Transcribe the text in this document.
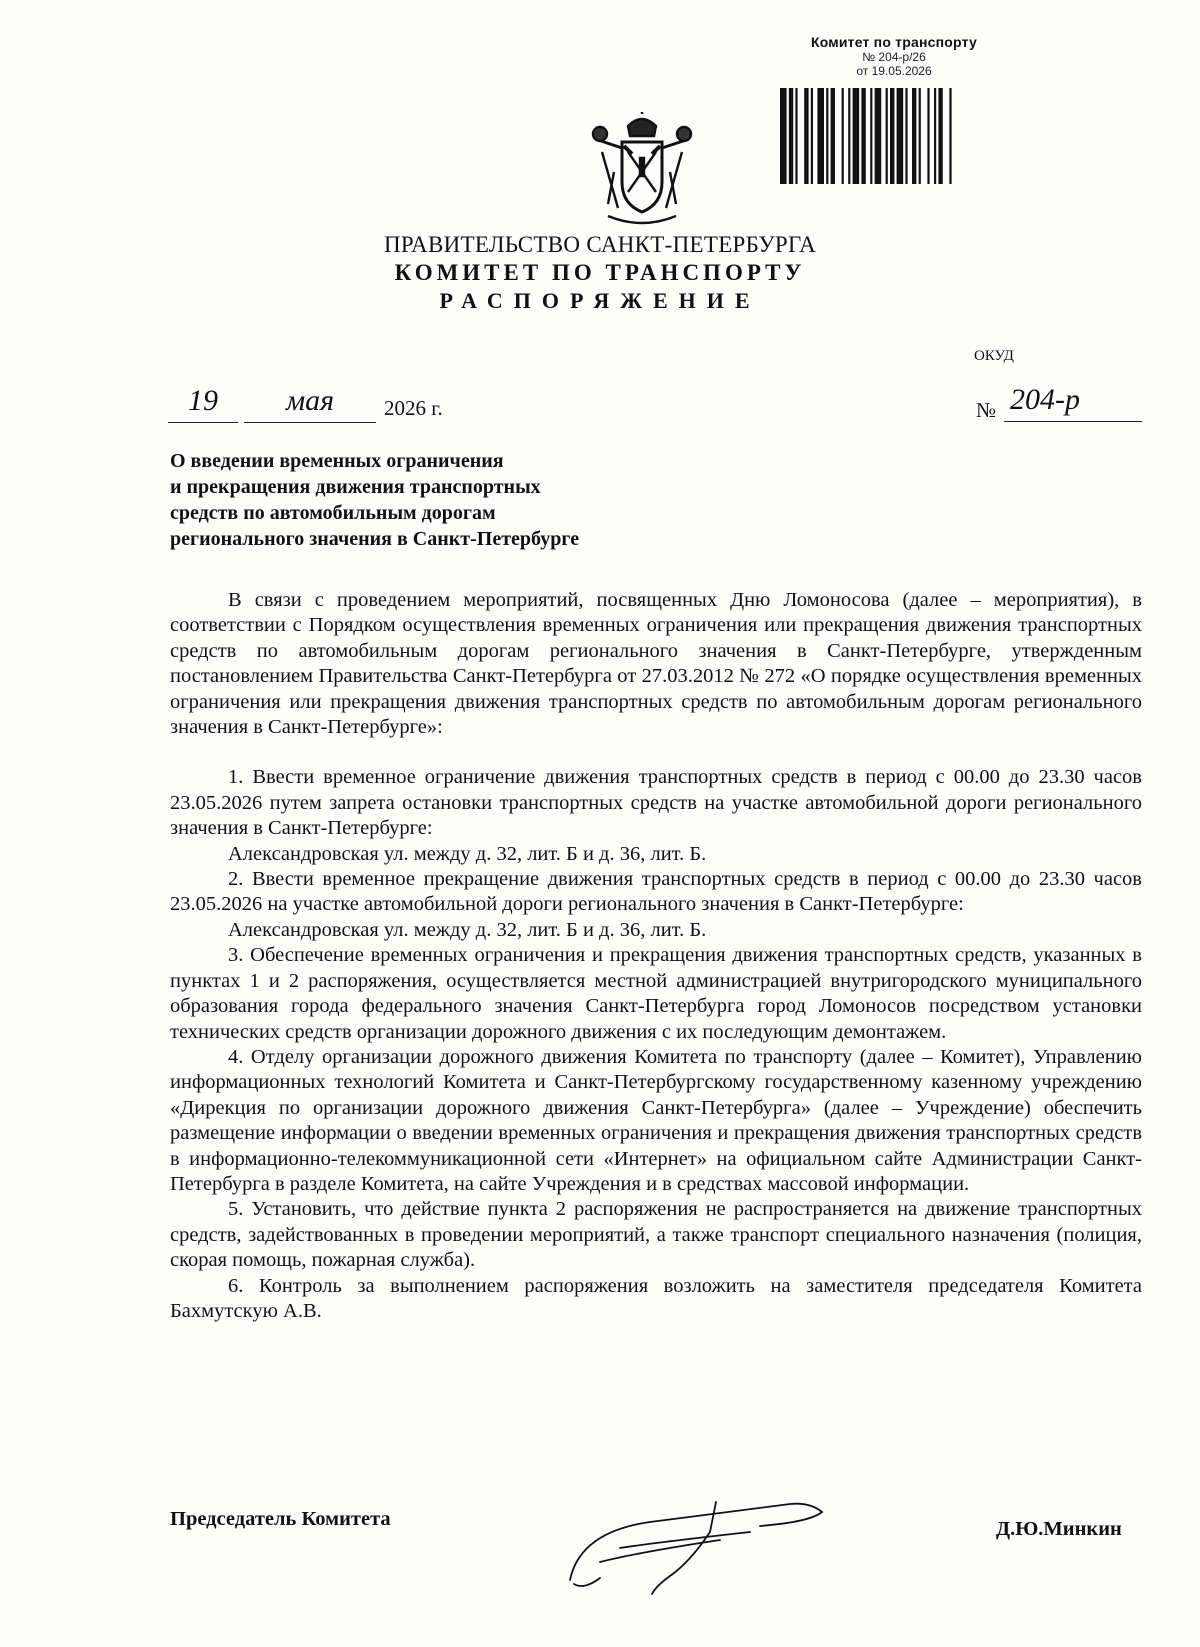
Комитет по транспорту
№ 204-р/26
от 19.05.2026
ПРАВИТЕЛЬСТВО САНКТ-ПЕТЕРБУРГА
КОМИТЕТ ПО ТРАНСПОРТУ
РАСПОРЯЖЕНИЕ
ОКУД
19	мая	2026 г.	№ 204-р
О введении временных ограничения
и прекращения движения транспортных
средств по автомобильным дорогам
регионального значения в Санкт-Петербурге

В связи с проведением мероприятий, посвященных Дню Ломоносова (далее – мероприятия), в соответствии с Порядком осуществления временных ограничения или прекращения движения транспортных средств по автомобильным дорогам регионального значения в Санкт-Петербурге, утвержденным постановлением Правительства Санкт-Петербурга от 27.03.2012 № 272 «О порядке осуществления временных ограничения или прекращения движения транспортных средств по автомобильным дорогам регионального значения в Санкт-Петербурге»:

1. Ввести временное ограничение движения транспортных средств в период с 00.00 до 23.30 часов 23.05.2026 путем запрета остановки транспортных средств на участке автомобильной дороги регионального значения в Санкт-Петербурге:

Александровская ул. между д. 32, лит. Б и д. 36, лит. Б.

2. Ввести временное прекращение движения транспортных средств в период с 00.00 до 23.30 часов 23.05.2026 на участке автомобильной дороги регионального значения в Санкт-Петербурге:

Александровская ул. между д. 32, лит. Б и д. 36, лит. Б.

3. Обеспечение временных ограничения и прекращения движения транспортных средств, указанных в пунктах 1 и 2 распоряжения, осуществляется местной администрацией внутригородского муниципального образования города федерального значения Санкт-Петербурга город Ломоносов посредством установки технических средств организации дорожного движения с их последующим демонтажем.

4. Отделу организации дорожного движения Комитета по транспорту (далее – Комитет), Управлению информационных технологий Комитета и Санкт-Петербургскому государственному казенному учреждению «Дирекция по организации дорожного движения Санкт-Петербурга» (далее – Учреждение) обеспечить размещение информации о введении временных ограничения и прекращения движения транспортных средств в информационно-телекоммуникационной сети «Интернет» на официальном сайте Администрации Санкт-Петербурга в разделе Комитета, на сайте Учреждения и в средствах массовой информации.

5. Установить, что действие пункта 2 распоряжения не распространяется на движение транспортных средств, задействованных в проведении мероприятий, а также транспорт специального назначения (полиция, скорая помощь, пожарная служба).

6. Контроль за выполнением распоряжения возложить на заместителя председателя Комитета Бахмутскую А.В.

Председатель Комитета	Д.Ю.Минкин
